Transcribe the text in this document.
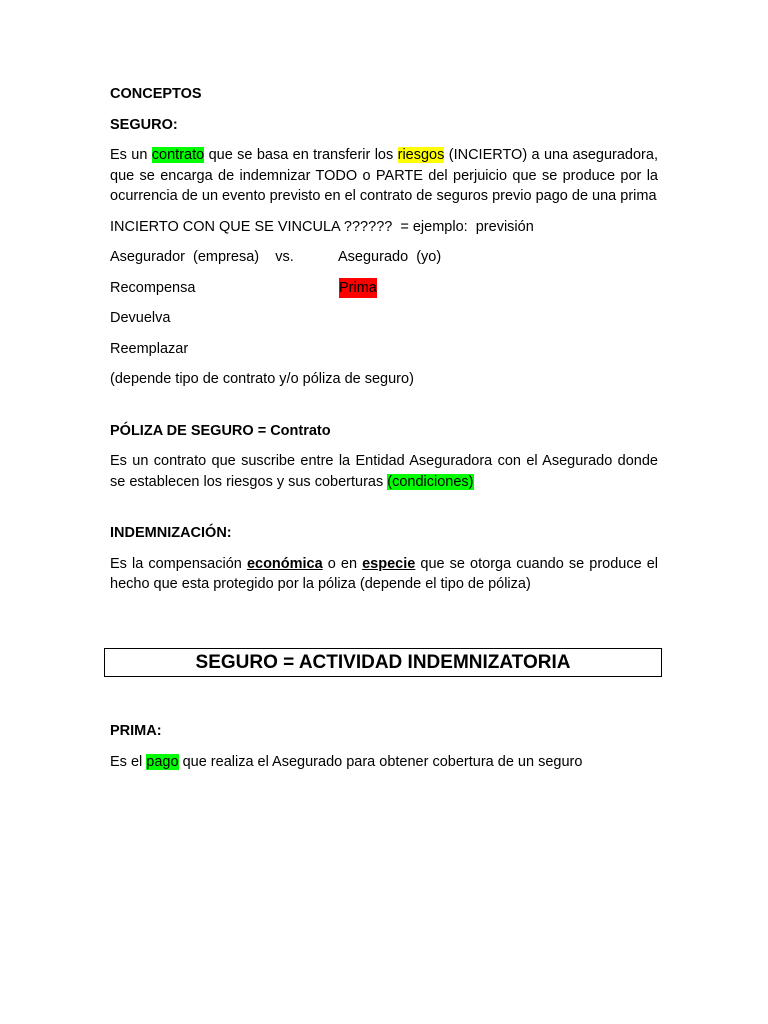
CONCEPTOS
SEGURO:
Es un contrato que se basa en transferir los riesgos (INCIERTO) a una aseguradora, que se encarga de indemnizar TODO o PARTE del perjuicio que se produce por la ocurrencia de un evento previsto en el contrato de seguros previo pago de una prima
INCIERTO CON QUE SE VINCULA ??????  = ejemplo:  previsión
Asegurador  (empresa)    vs.	Asegurado  (yo)
Recompensa	Prima
Devuelva
Reemplazar
(depende tipo de contrato y/o póliza de seguro)
PÓLIZA DE SEGURO = Contrato
Es un contrato que suscribe entre la Entidad Aseguradora con el Asegurado donde se establecen los riesgos y sus coberturas (condiciones)
INDEMNIZACIÓN:
Es la compensación económica o en especie que se otorga cuando se produce el hecho que esta protegido por la póliza (depende el tipo de póliza)
SEGURO = ACTIVIDAD INDEMNIZATORIA
PRIMA:
Es el pago que realiza el Asegurado para obtener cobertura de un seguro
